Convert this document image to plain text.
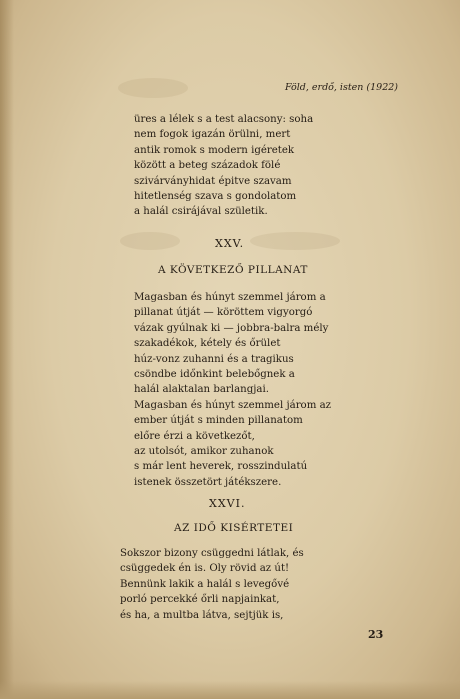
Föld, erdő, isten (1922)
üres a lélek s a test alacsony: soha
nem fogok igazán örülni, mert
antik romok s modern igéretek
között a beteg századok fölé
szivárványhidat épitve szavam
hitetlenség szava s gondolatom
a halál csirájával születik.
XXV.
A KÖVETKEZŐ PILLANAT
Magasban és húnyt szemmel járom a
pillanat útját — köröttem vigyorgó
vázak gyúlnak ki — jobbra-balra mély
szakadékok, kétely és őrület
húz-vonz zuhanni és a tragikus
csöndbe időnkint belebőgnek a
halál alaktalan barlangjai.
Magasban és húnyt szemmel járom az
ember útját s minden pillanatom
előre érzi a következőt,
az utolsót, amikor zuhanok
s már lent heverek, rosszindulatú
istenek összetört játékszere.
XXVI.
AZ IDŐ KISÉRTETEI
Sokszor bizony csüggedni látlak, és
csüggedek én is. Oly rövid az út!
Bennünk lakik a halál s levegővé
porló percekké őrli napjainkat,
és ha, a multba látva, sejtjük is,
23
